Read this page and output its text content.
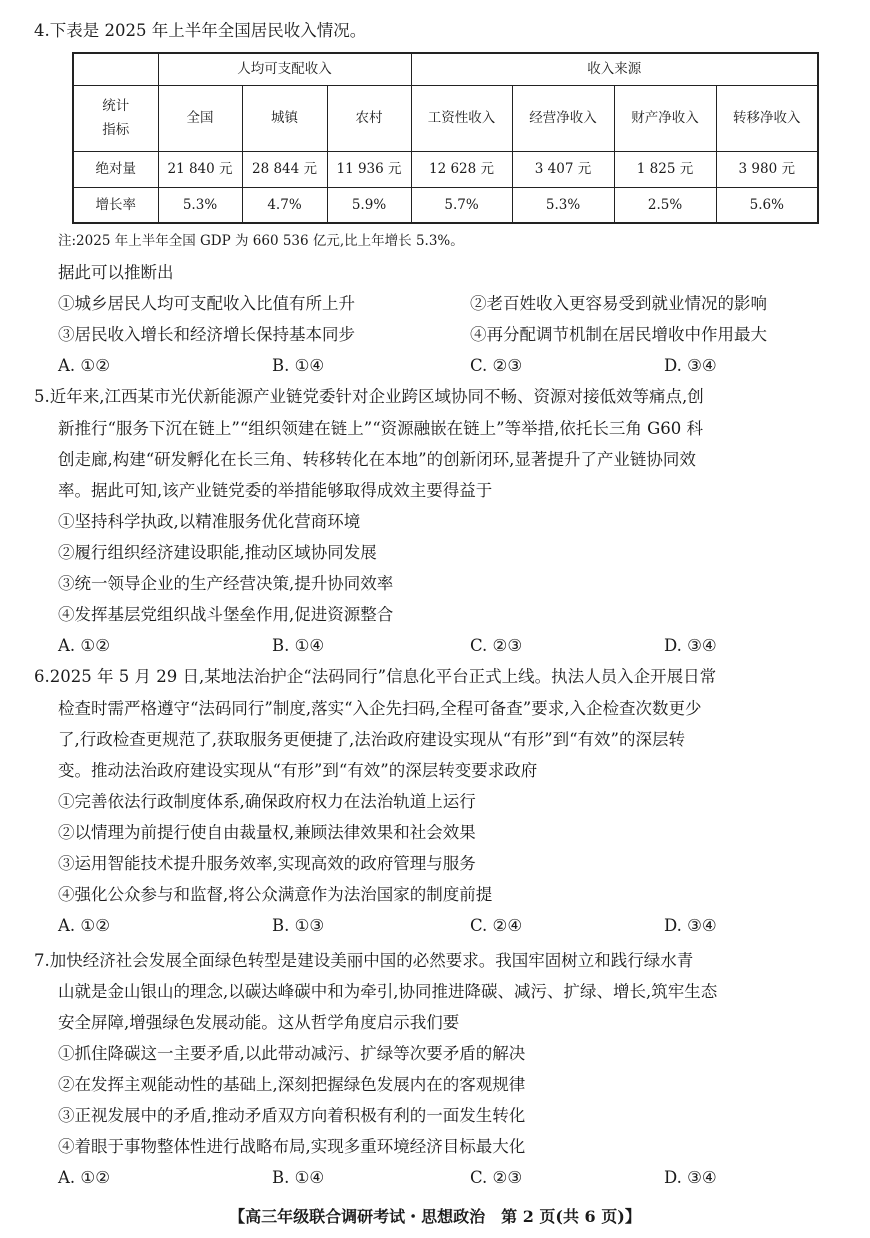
4.下表是 2025 年上半年全国居民收入情况。
	人均可支配收入			收入来源			

统计
指标	全国	城镇	农村	工资性收入	经营净收入	财产净收入	转移净收入
绝对量	21 840 元	28 844 元	11 936 元	12 628 元	3 407 元	1 825 元	3 980 元
增长率	5.3%	4.7%	5.9%	5.7%	5.3%	2.5%	5.6%
注:2025 年上半年全国 GDP 为 660 536 亿元,比上年增长 5.3%。
据此可以推断出
①城乡居民人均可支配收入比值有所上升	②老百姓收入更容易受到就业情况的影响
③居民收入增长和经济增长保持基本同步	④再分配调节机制在居民增收中作用最大
A. ①②	B. ①④	C. ②③	D. ③④
5.近年来,江西某市光伏新能源产业链党委针对企业跨区域协同不畅、资源对接低效等痛点,创
新推行“服务下沉在链上”“组织领建在链上”“资源融嵌在链上”等举措,依托长三角 G60 科
创走廊,构建“研发孵化在长三角、转移转化在本地”的创新闭环,显著提升了产业链协同效
率。据此可知,该产业链党委的举措能够取得成效主要得益于
①坚持科学执政,以精准服务优化营商环境
②履行组织经济建设职能,推动区域协同发展
③统一领导企业的生产经营决策,提升协同效率
④发挥基层党组织战斗堡垒作用,促进资源整合
A. ①②	B. ①④	C. ②③	D. ③④
6.2025 年 5 月 29 日,某地法治护企“法码同行”信息化平台正式上线。执法人员入企开展日常
检查时需严格遵守“法码同行”制度,落实“入企先扫码,全程可备查”要求,入企检查次数更少
了,行政检查更规范了,获取服务更便捷了,法治政府建设实现从“有形”到“有效”的深层转
变。推动法治政府建设实现从“有形”到“有效”的深层转变要求政府
①完善依法行政制度体系,确保政府权力在法治轨道上运行
②以情理为前提行使自由裁量权,兼顾法律效果和社会效果
③运用智能技术提升服务效率,实现高效的政府管理与服务
④强化公众参与和监督,将公众满意作为法治国家的制度前提
A. ①②	B. ①③	C. ②④	D. ③④
7.加快经济社会发展全面绿色转型是建设美丽中国的必然要求。我国牢固树立和践行绿水青
山就是金山银山的理念,以碳达峰碳中和为牵引,协同推进降碳、减污、扩绿、增长,筑牢生态
安全屏障,增强绿色发展动能。这从哲学角度启示我们要
①抓住降碳这一主要矛盾,以此带动减污、扩绿等次要矛盾的解决
②在发挥主观能动性的基础上,深刻把握绿色发展内在的客观规律
③正视发展中的矛盾,推动矛盾双方向着积极有利的一面发生转化
④着眼于事物整体性进行战略布局,实现多重环境经济目标最大化
A. ①②	B. ①④	C. ②③	D. ③④
【高三年级联合调研考试・思想政治　第 2 页(共 6 页)】
